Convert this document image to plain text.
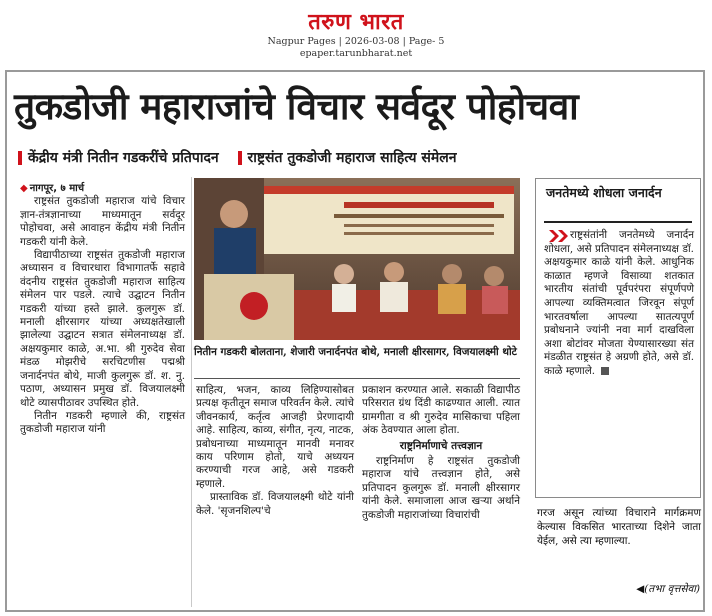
तरुण भारत
Nagpur Pages | 2026-03-08 | Page- 5
epaper.tarunbharat.net
तुकडोजी महाराजांचे विचार सर्वदूर पोहोचवा
केंद्रीय मंत्री नितीन गडकरींचे प्रतिपादन राष्ट्रसंत तुकडोजी महाराज साहित्य संमेलन

◆ नागपूर, ७ मार्च

राष्ट्रसंत तुकडोजी महाराज यांचे विचार ज्ञान-तंत्रज्ञानाच्या माध्यमातून सर्वदूर पोहोचवा, असे आवाहन केंद्रीय मंत्री नितीन गडकरी यांनी केले.

विद्यापीठाच्या राष्ट्रसंत तुकडोजी महाराज अध्यासन व विचारधारा विभागातर्फे सहावे वंदनीय राष्ट्रसंत तुकडोजी महाराज साहित्य संमेलन पार पडले. त्याचे उद्घाटन नितीन गडकरी यांच्या हस्ते झाले. कुलगुरू डॉ. मनाली क्षीरसागर यांच्या अध्यक्षतेखाली झालेल्या उद्घाटन सत्रात संमेलनाध्यक्ष डॉ. अक्षयकुमार काळे, अ.भा. श्री गुरुदेव सेवा मंडळ मोझरीचे सरचिटणीस पद्मश्री जनार्दनपंत बोथे, माजी कुलगुरू डॉ. श. नु. पठाण, अध्यासन प्रमुख डॉ. विजयालक्ष्मी थोटे व्यासपीठावर उपस्थित होते.

नितीन गडकरी म्हणाले की, राष्ट्रसंत तुकडोजी महाराज यांनी

नितीन गडकरी बोलताना, शेजारी जनार्दनपंत बोथे, मनाली क्षीरसागर, विजयालक्ष्मी थोटे

साहित्य, भजन, काव्य लिहिण्यासोबत प्रत्यक्ष कृतीतून समाज परिवर्तन केले. त्यांचे जीवनकार्य, कर्तृत्व आजही प्रेरणादायी आहे. साहित्य, काव्य, संगीत, नृत्य, नाटक, प्रबोधनाच्या माध्यमातून मानवी मनावर काय परिणाम होतो, याचे अध्ययन करण्याची गरज आहे, असे गडकरी म्हणाले.

प्रास्ताविक डॉ. विजयालक्ष्मी थोटे यांनी केले. 'सृजनशिल्प'चे

प्रकाशन करण्यात आले. सकाळी विद्यापीठ परिसरात ग्रंथ दिंडी काढण्यात आली. त्यात ग्रामगीता व श्री गुरुदेव मासिकाचा पहिला अंक ठेवण्यात आला होता.

राष्ट्रनिर्माणाचे तत्त्वज्ञान

राष्ट्रनिर्माण हे राष्ट्रसंत तुकडोजी महाराज यांचे तत्त्वज्ञान होते, असे प्रतिपादन कुलगुरू डॉ. मनाली क्षीरसागर यांनी केले. समाजाला आज खऱ्या अर्थाने तुकडोजी महाराजांच्या विचारांची

जनतेमध्ये शोधला जनार्दन
राष्ट्रसंतांनी जनतेमध्ये जनार्दन शोधला, असे प्रतिपादन संमेलनाध्यक्ष डॉ. अक्षयकुमार काळे यांनी केले. आधुनिक काळात म्हणजे विसाव्या शतकात भारतीय संतांची पूर्वपरंपरा संपूर्णपणे आपल्या व्यक्तिमत्वात जिरवून संपूर्ण भारतवर्षाला आपल्या सातत्यपूर्ण प्रबोधनाने ज्यांनी नवा मार्ग दाखविला अशा बोटांवर मोजता येण्यासारख्या संत मंडळीत राष्ट्रसंत हे अग्रणी होते, असे डॉ. काळे म्हणाले.
गरज असून त्यांच्या विचाराने मार्गक्रमण केल्यास विकसित भारताच्या दिशेने जाता येईल, असे त्या म्हणाल्या.
◀(तभा वृत्तसेवा)
